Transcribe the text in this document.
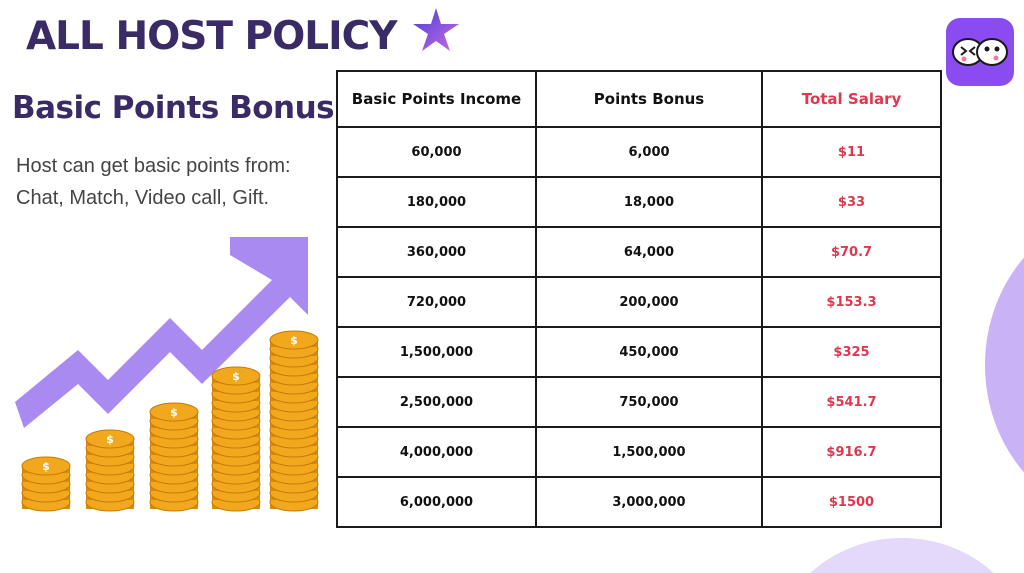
ALL HOST POLICY
Basic Points Bonus
Host can get basic points from:
Chat, Match, Video call, Gift.
$
$
$
$
$
Basic Points Income	Points Bonus	Total Salary
60,000	6,000	$11
180,000	18,000	$33
360,000	64,000	$70.7
720,000	200,000	$153.3
1,500,000	450,000	$325
2,500,000	750,000	$541.7
4,000,000	1,500,000	$916.7
6,000,000	3,000,000	$1500
